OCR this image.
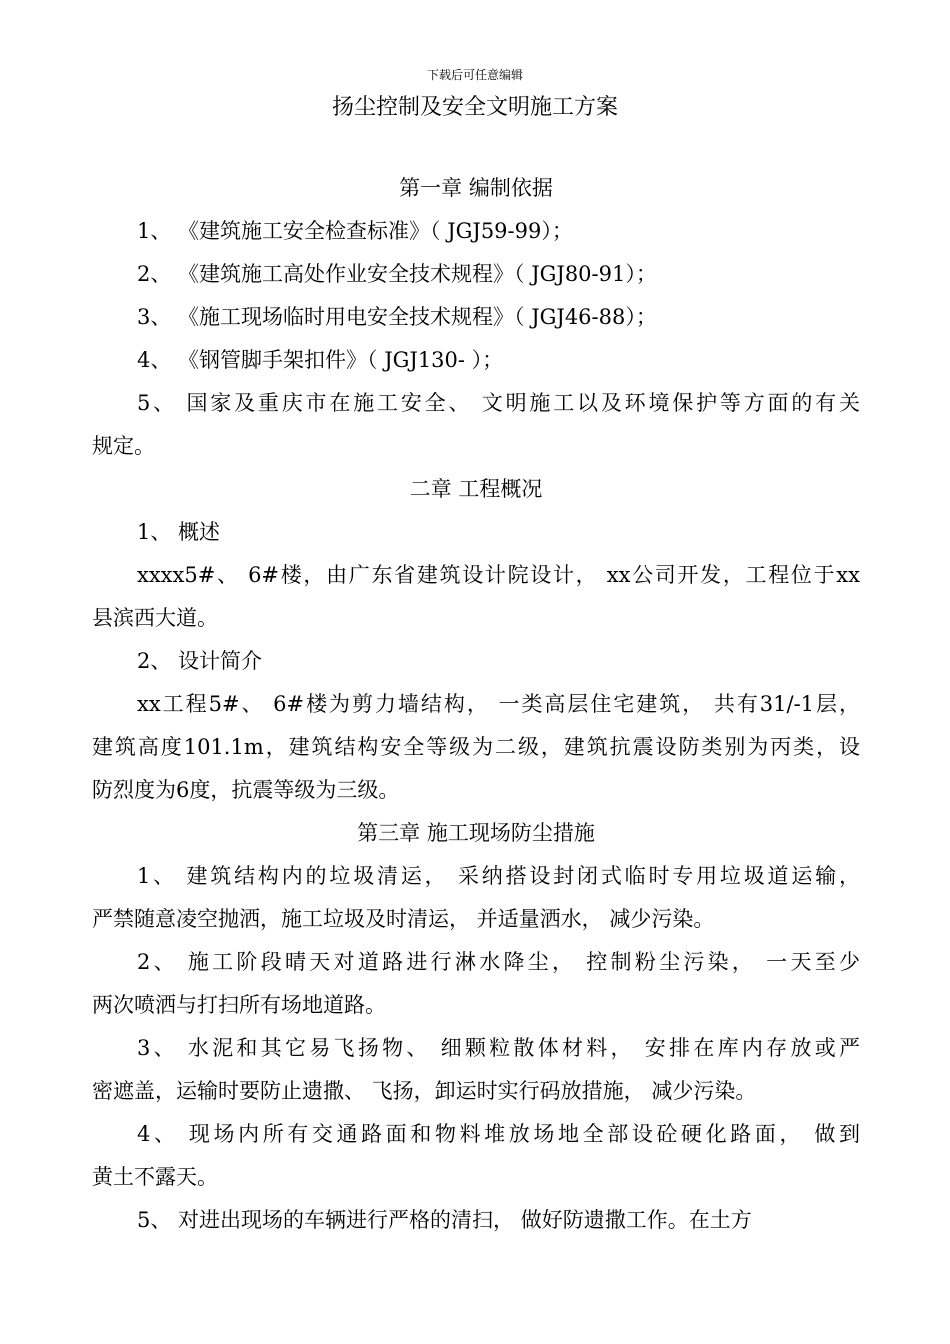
下载后可任意编辑
扬尘控制及安全文明施工方案
第一章 编制依据
1、 《建筑施工安全检查标准》（ JGJ59-99）；
2、 《建筑施工高处作业安全技术规程》（ JGJ80-91）；
3、 《施工现场临时用电安全技术规程》（ JGJ46-88）；
4、 《钢管脚手架扣件》（ JGJ130- ）；
5、 国家及重庆市在施工安全、 文明施工以及环境保护等方面的有关
规定。
二章 工程概况
1、 概述
xxxx5#、 6#楼，由广东省建筑设计院设计， xx公司开发，工程位于xx
县滨西大道。
2、 设计简介
xx工程5#、 6#楼为剪力墙结构， 一类高层住宅建筑， 共有31/-1层，
建筑高度101.1m，建筑结构安全等级为二级，建筑抗震设防类别为丙类，设
防烈度为6度，抗震等级为三级。
第三章 施工现场防尘措施
1、 建筑结构内的垃圾清运， 采纳搭设封闭式临时专用垃圾道运输，
严禁随意凌空抛洒，施工垃圾及时清运， 并适量洒水， 减少污染。
2、 施工阶段晴天对道路进行淋水降尘， 控制粉尘污染， 一天至少
两次喷洒与打扫所有场地道路。
3、 水泥和其它易飞扬物、 细颗粒散体材料， 安排在库内存放或严
密遮盖，运输时要防止遗撒、 飞扬，卸运时实行码放措施， 减少污染。
4、 现场内所有交通路面和物料堆放场地全部设砼硬化路面， 做到
黄土不露天。
5、 对进出现场的车辆进行严格的清扫， 做好防遗撒工作。在土方
